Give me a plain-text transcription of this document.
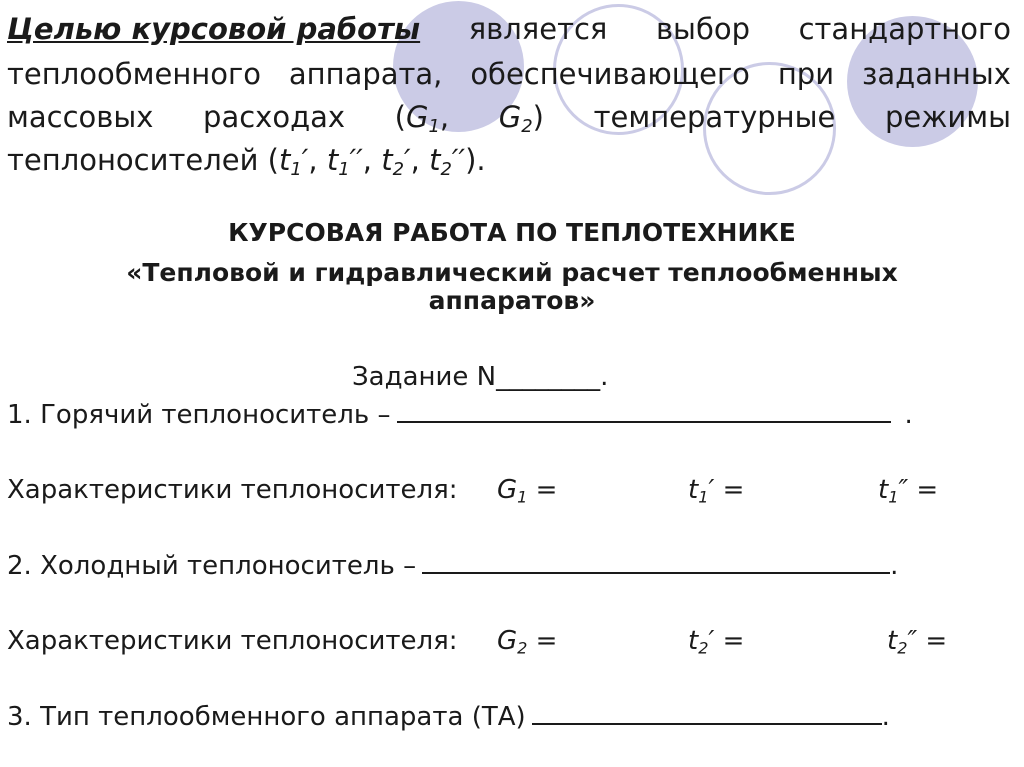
Целью курсовой работы является выбор стандартного
теплообменного аппарата, обеспечивающего при заданных
массовых расходах ($G_1$, $G_2$) температурные режимы
теплоносителей ($t_1'$, $t_1''$, $t_2'$, $t_2''$).
КУРСОВАЯ РАБОТА ПО ТЕПЛОТЕХНИКЕ
«Тепловой и гидравлический расчет теплообменных
аппаратов»
Задание N________.
1. Горячий теплоноситель –	.
Характеристики теплоносителя: $G_1$ =	$t_1'$ =	$t_1''$ =
2. Холодный теплоноситель –	.
Характеристики теплоносителя: $G_2$ =	$t_2'$ =	$t_2''$ =
3. Тип теплообменного аппарата (ТА)	.
